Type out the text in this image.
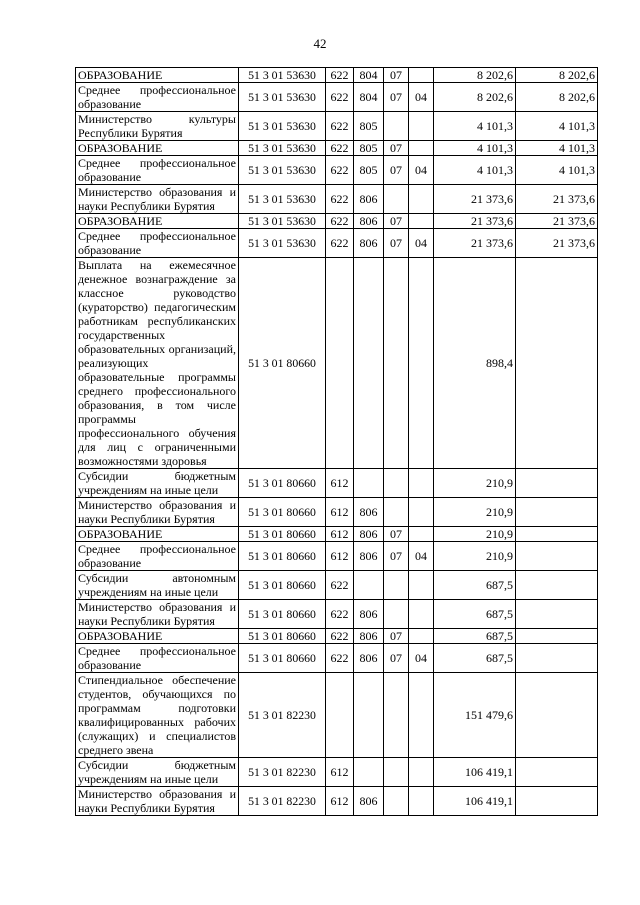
42
ОБРАЗОВАНИЕ	51 3 01 53630	622	804	07		8 202,6	8 202,6
Среднее профессиональное образование	51 3 01 53630	622	804	07	04	8 202,6	8 202,6
Министерство культуры Республики Бурятия	51 3 01 53630	622	805			4 101,3	4 101,3
ОБРАЗОВАНИЕ	51 3 01 53630	622	805	07		4 101,3	4 101,3
Среднее профессиональное образование	51 3 01 53630	622	805	07	04	4 101,3	4 101,3
Министерство образования и науки Республики Бурятия	51 3 01 53630	622	806			21 373,6	21 373,6
ОБРАЗОВАНИЕ	51 3 01 53630	622	806	07		21 373,6	21 373,6
Среднее профессиональное образование	51 3 01 53630	622	806	07	04	21 373,6	21 373,6
Выплата на ежемесячное денежное вознаграждение за классное руководство (кураторство) педагогическим работникам республиканских государственных образовательных организаций, реализующих образовательные программы среднего профессионального образования, в том числе программы профессионального обучения для лиц с ограниченными возможностями здоровья	51 3 01 80660					898,4	
Субсидии бюджетным учреждениям на иные цели	51 3 01 80660	612				210,9	
Министерство образования и науки Республики Бурятия	51 3 01 80660	612	806			210,9	
ОБРАЗОВАНИЕ	51 3 01 80660	612	806	07		210,9	
Среднее профессиональное образование	51 3 01 80660	612	806	07	04	210,9	
Субсидии автономным учреждениям на иные цели	51 3 01 80660	622				687,5	
Министерство образования и науки Республики Бурятия	51 3 01 80660	622	806			687,5	
ОБРАЗОВАНИЕ	51 3 01 80660	622	806	07		687,5	
Среднее профессиональное образование	51 3 01 80660	622	806	07	04	687,5	
Стипендиальное обеспечение студентов, обучающихся по программам подготовки квалифицированных рабочих (служащих) и специалистов среднего звена	51 3 01 82230					151 479,6	
Субсидии бюджетным учреждениям на иные цели	51 3 01 82230	612				106 419,1	
Министерство образования и науки Республики Бурятия	51 3 01 82230	612	806			106 419,1	
